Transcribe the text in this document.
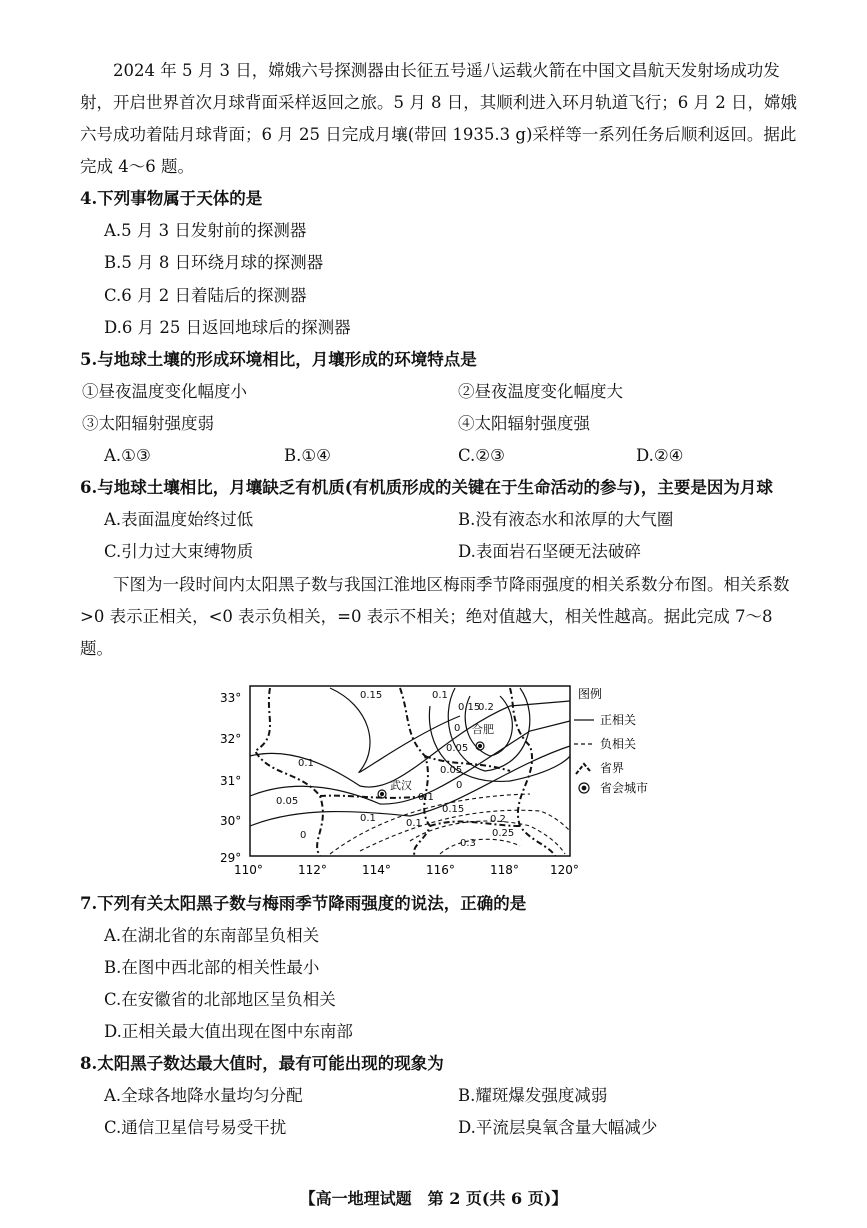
2024 年 5 月 3 日，嫦娥六号探测器由长征五号遥八运载火箭在中国文昌航天发射场成功发射，开启世界首次月球背面采样返回之旅。5 月 8 日，其顺利进入环月轨道飞行；6 月 2 日，嫦娥六号成功着陆月球背面；6 月 25 日完成月壤(带回 1935.3 g)采样等一系列任务后顺利返回。据此完成 4～6 题。
4.下列事物属于天体的是
A.5 月 3 日发射前的探测器
B.5 月 8 日环绕月球的探测器
C.6 月 2 日着陆后的探测器
D.6 月 25 日返回地球后的探测器
5.与地球土壤的形成环境相比，月壤形成的环境特点是
①昼夜温度变化幅度小	②昼夜温度变化幅度大
③太阳辐射强度弱	④太阳辐射强度强
A.①③	B.①④	C.②③	D.②④
6.与地球土壤相比，月壤缺乏有机质(有机质形成的关键在于生命活动的参与)，主要是因为月球
A.表面温度始终过低	B.没有液态水和浓厚的大气圈
C.引力过大束缚物质	D.表面岩石坚硬无法破碎
下图为一段时间内太阳黑子数与我国江淮地区梅雨季节降雨强度的相关系数分布图。相关系数>0 表示正相关，<0 表示负相关，=0 表示不相关；绝对值越大，相关性越高。据此完成 7～8 题。
33°
32°
31°
30°
29°
110°	112°	114°	116°	118°	120°
合肥
武汉
0.15	0.1
0.15
0.2
0
0.05
0.1
0.05
0
0.05
0.1
0.15
0
0.1	0.2
0.25
0.3
0.1
图例
正相关
负相关
省界
省会城市
7.下列有关太阳黑子数与梅雨季节降雨强度的说法，正确的是
A.在湖北省的东南部呈负相关
B.在图中西北部的相关性最小
C.在安徽省的北部地区呈负相关
D.正相关最大值出现在图中东南部
8.太阳黑子数达最大值时，最有可能出现的现象为
A.全球各地降水量均匀分配	B.耀斑爆发强度减弱
C.通信卫星信号易受干扰	D.平流层臭氧含量大幅减少
【高一地理试题　第 2 页(共 6 页)】
